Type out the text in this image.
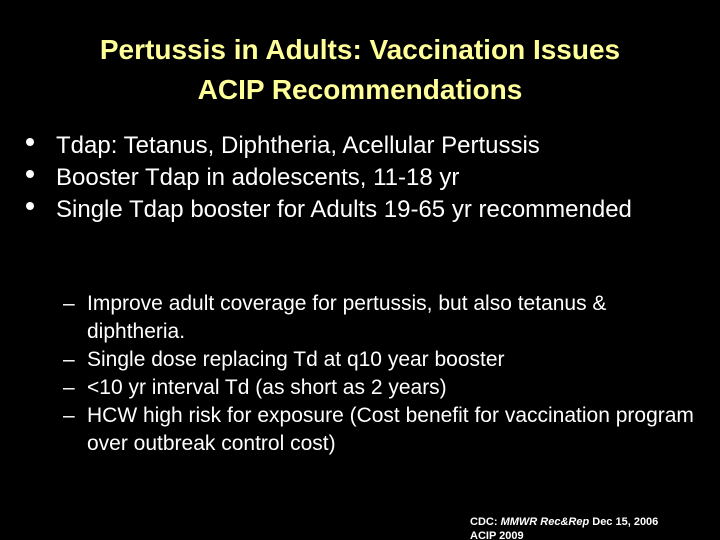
Pertussis in Adults: Vaccination Issues
ACIP Recommendations
Tdap: Tetanus, Diphtheria, Acellular Pertussis
Booster Tdap in adolescents, 11-18 yr
Single Tdap booster for Adults 19-65 yr recommended
– Improve adult coverage for pertussis, but also tetanus & diphtheria.
– Single dose replacing Td at q10 year booster
– <10 yr interval Td (as short as 2 years)
– HCW high risk for exposure (Cost benefit for vaccination program over outbreak control cost)
CDC: MMWR Rec&Rep Dec 15, 2006
ACIP 2009
